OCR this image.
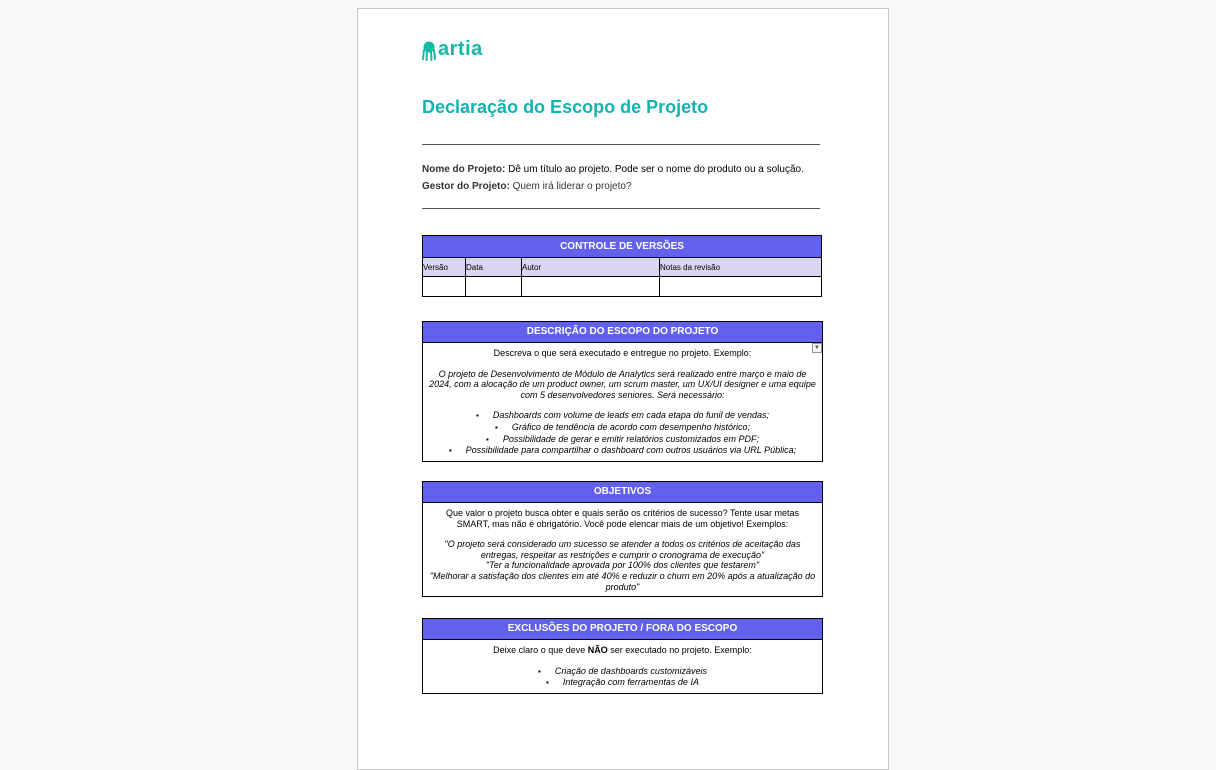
artia
Declaração do Escopo de Projeto
Nome do Projeto: Dê um título ao projeto. Pode ser o nome do produto ou a solução.
Gestor do Projeto: Quem irá liderar o projeto?
CONTROLE DE VERSÕES			
Versão	Data	Autor	Notas da revisão

DESCRIÇÃO DO ESCOPO DO PROJETO
▼
Descreva o que será executado e entregue no projeto. Exemplo:
O projeto de Desenvolvimento de Módulo de Analytics será realizado entre março e maio de 2024, com a alocação de um product owner, um scrum master, um UX/UI designer e uma equipe com 5 desenvolvedores seniores. Será necessário:
▪ Dashboards com volume de leads em cada etapa do funil de vendas;
▪ Gráfico de tendência de acordo com desempenho histórico;
▪ Possibilidade de gerar e emitir relatórios customizados em PDF;
▪ Possibilidade para compartilhar o dashboard com outros usuários via URL Pública;
OBJETIVOS
Que valor o projeto busca obter e quais serão os critérios de sucesso? Tente usar metas SMART, mas não é obrigatório. Você pode elencar mais de um objetivo! Exemplos:
"O projeto será considerado um sucesso se atender a todos os critérios de aceitação das entregas, respeitar as restrições e cumprir o cronograma de execução"
"Ter a funcionalidade aprovada por 100% dos clientes que testarem"
"Melhorar a satisfação dos clientes em até 40% e reduzir o churn em 20% após a atualização do produto"
EXCLUSÕES DO PROJETO / FORA DO ESCOPO
Deixe claro o que deve NÃO ser executado no projeto. Exemplo:
▪ Criação de dashboards customizáveis
▪ Integração com ferramentas de IA
